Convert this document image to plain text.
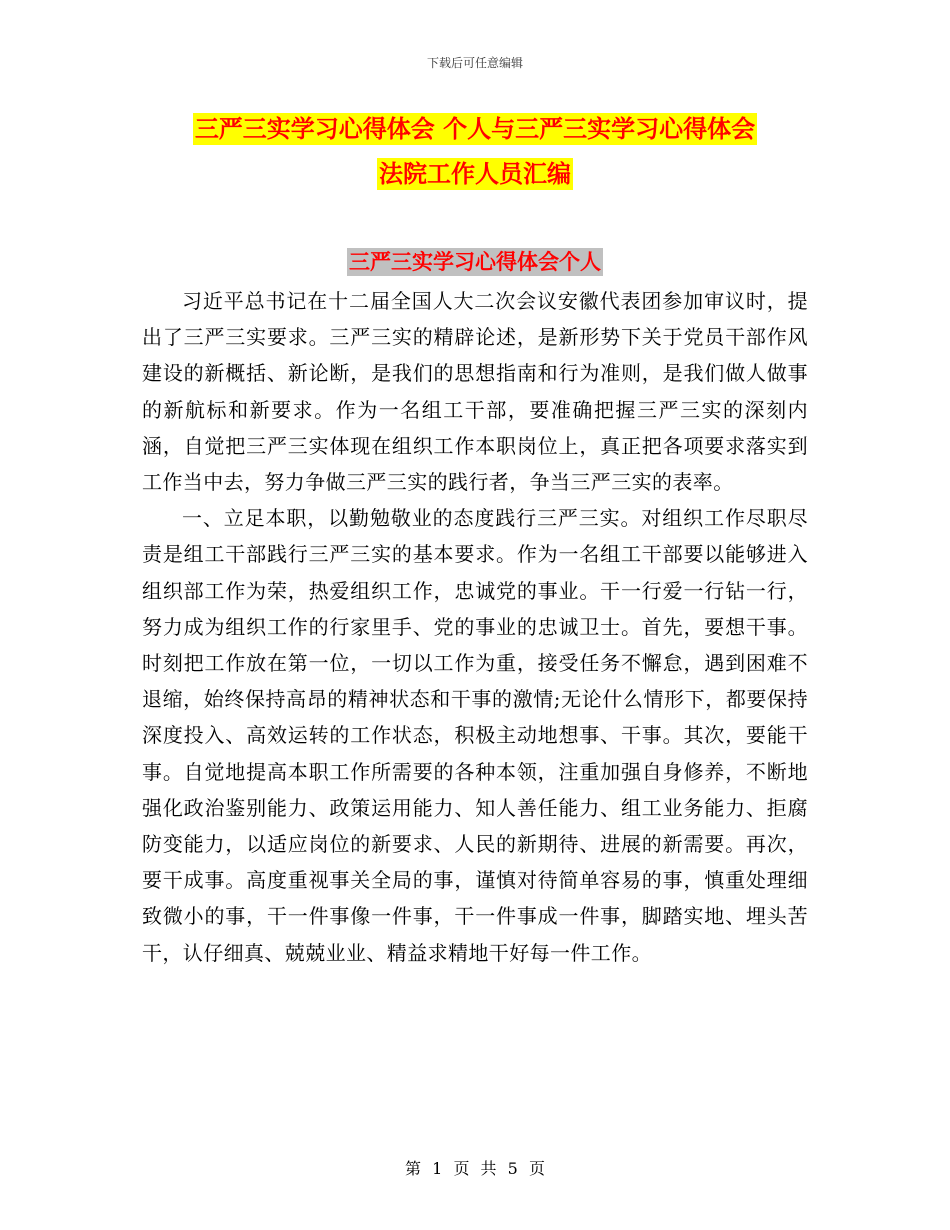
下载后可任意编辑
三严三实学习心得体会 个人与三严三实学习心得体会
法院工作人员汇编
三严三实学习心得体会个人

习近平总书记在十二届全国人大二次会议安徽代表团参加审议时，提出了三严三实要求。三严三实的精辟论述，是新形势下关于党员干部作风建设的新概括、新论断，是我们的思想指南和行为准则，是我们做人做事的新航标和新要求。作为一名组工干部，要准确把握三严三实的深刻内涵，自觉把三严三实体现在组织工作本职岗位上，真正把各项要求落实到工作当中去，努力争做三严三实的践行者，争当三严三实的表率。

一、立足本职，以勤勉敬业的态度践行三严三实。对组织工作尽职尽责是组工干部践行三严三实的基本要求。作为一名组工干部要以能够进入组织部工作为荣，热爱组织工作，忠诚党的事业。干一行爱一行钻一行，努力成为组织工作的行家里手、党的事业的忠诚卫士。首先，要想干事。时刻把工作放在第一位，一切以工作为重，接受任务不懈怠，遇到困难不退缩，始终保持高昂的精神状态和干事的激情;无论什么情形下，都要保持深度投入、高效运转的工作状态，积极主动地想事、干事。其次，要能干事。自觉地提高本职工作所需要的各种本领，注重加强自身修养，不断地强化政治鉴别能力、政策运用能力、知人善任能力、组工业务能力、拒腐防变能力，以适应岗位的新要求、人民的新期待、进展的新需要。再次，要干成事。高度重视事关全局的事，谨慎对待简单容易的事，慎重处理细致微小的事，干一件事像一件事，干一件事成一件事，脚踏实地、埋头苦干，认仔细真、兢兢业业、精益求精地干好每一件工作。

第 1 页 共 5 页
